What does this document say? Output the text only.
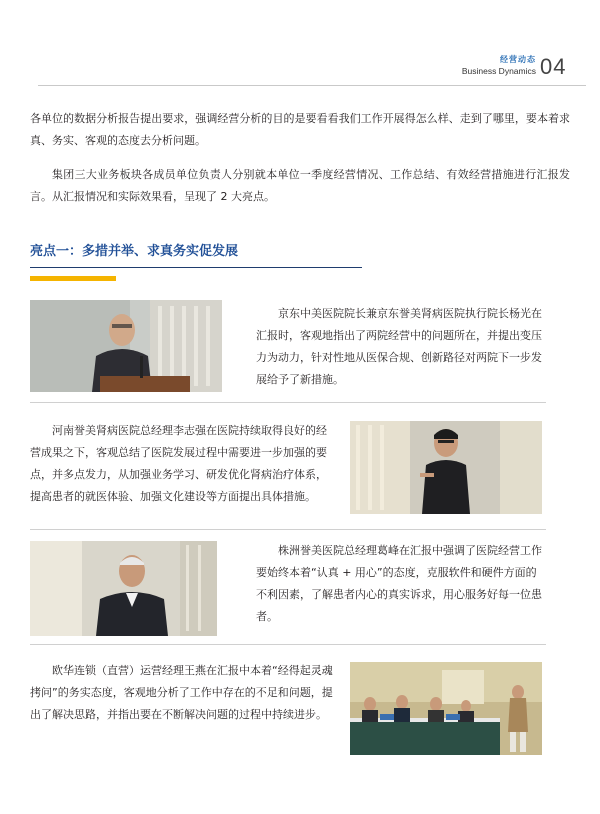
经营动态
Business Dynamics 04
各单位的数据分析报告提出要求，强调经营分析的目的是要看看我们工作开展得怎么样、走到了哪里，要本着求真、务实、客观的态度去分析问题。
集团三大业务板块各成员单位负责人分别就本单位一季度经营情况、工作总结、有效经营措施进行汇报发言。从汇报情况和实际效果看，呈现了 2 大亮点。
亮点一：多措并举、求真务实促发展
京东中美医院院长兼京东誉美肾病医院执行院长杨光在汇报时，客观地指出了两院经营中的问题所在，并提出变压力为动力，针对性地从医保合规、创新路径对两院下一步发展给予了新措施。
河南誉美肾病医院总经理李志强在医院持续取得良好的经营成果之下，客观总结了医院发展过程中需要进一步加强的要点，并多点发力，从加强业务学习、研发优化肾病治疗体系，提高患者的就医体验、加强文化建设等方面提出具体措施。
株洲誉美医院总经理葛峰在汇报中强调了医院经营工作要始终本着“认真 + 用心”的态度，克服软件和硬件方面的不利因素，了解患者内心的真实诉求，用心服务好每一位患者。
欧华连锁（直营）运营经理王燕在汇报中本着“经得起灵魂拷问”的务实态度，客观地分析了工作中存在的不足和问题，提出了解决思路，并指出要在不断解决问题的过程中持续进步。
